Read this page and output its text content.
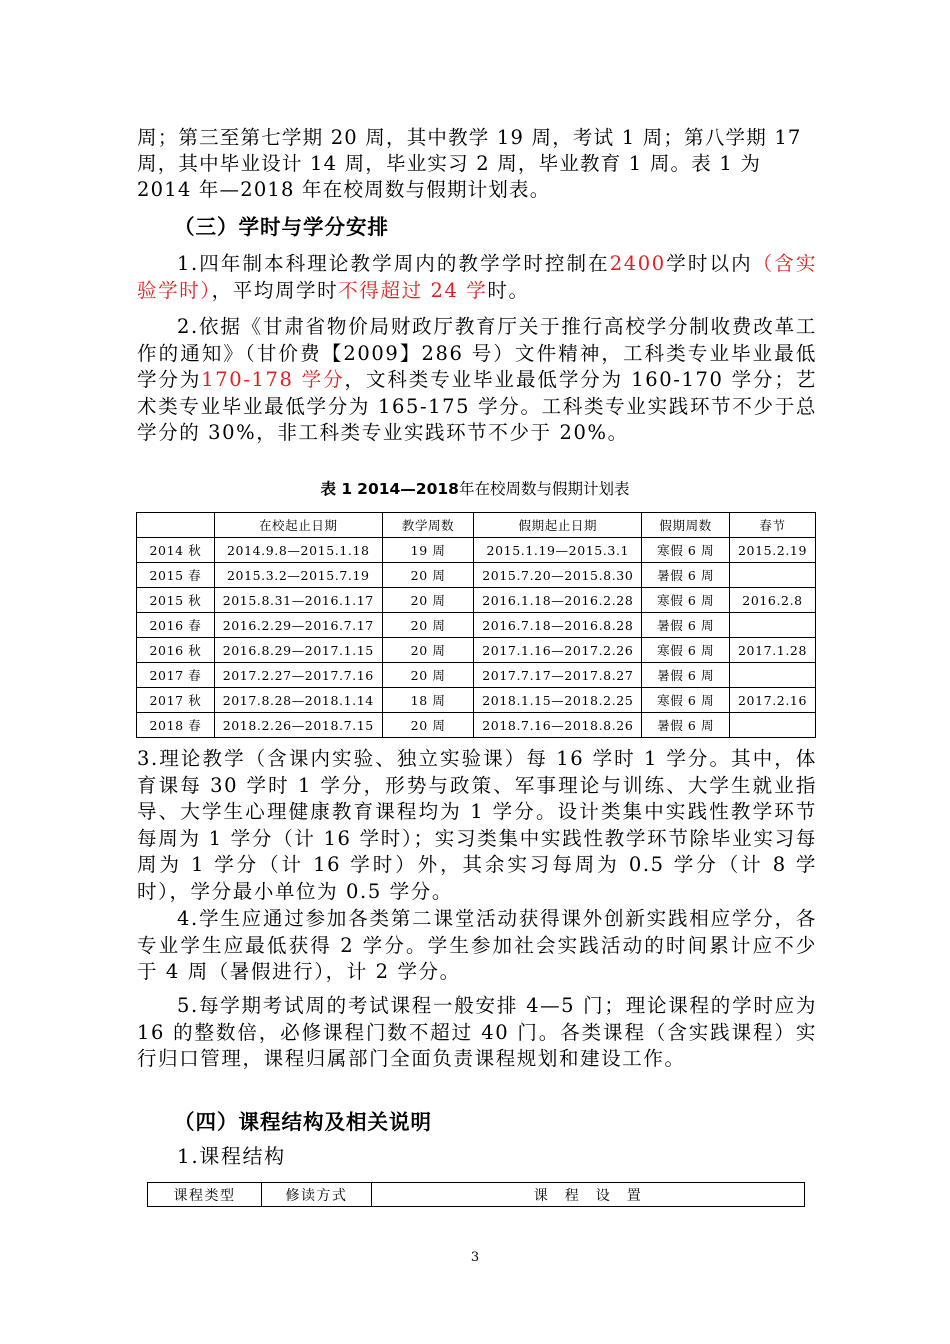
周；第三至第七学期 20 周，其中教学 19 周，考试 1 周；第八学期 17

周，其中毕业设计 14 周，毕业实习 2 周，毕业教育 1 周。表 1 为

2014 年—2018 年在校周数与假期计划表。

（三）学时与学分安排

1.四年制本科理论教学周内的教学学时控制在2400学时以内（含实验学时），平均周学时不得超过 24 学时。

2.依据《甘肃省物价局财政厅教育厅关于推行高校学分制收费改革工作的通知》（甘价费【2009】286 号）文件精神，工科类专业毕业最低学分为170-178 学分，文科类专业毕业最低学分为 160-170 学分；艺术类专业毕业最低学分为 165-175 学分。工科类专业实践环节不少于总学分的 30%，非工科类专业实践环节不少于 20%。

表 1 2014—2018年在校周数与假期计划表

	在校起止日期	教学周数	假期起止日期	假期周数	春节
2014 秋	2014.9.8—2015.1.18	19 周	2015.1.19—2015.3.1	寒假 6 周	2015.2.19
2015 春	2015.3.2—2015.7.19	20 周	2015.7.20—2015.8.30	暑假 6 周	
2015 秋	2015.8.31—2016.1.17	20 周	2016.1.18—2016.2.28	寒假 6 周	2016.2.8
2016 春	2016.2.29—2016.7.17	20 周	2016.7.18—2016.8.28	暑假 6 周	
2016 秋	2016.8.29—2017.1.15	20 周	2017.1.16—2017.2.26	寒假 6 周	2017.1.28
2017 春	2017.2.27—2017.7.16	20 周	2017.7.17—2017.8.27	暑假 6 周	
2017 秋	2017.8.28—2018.1.14	18 周	2018.1.15—2018.2.25	寒假 6 周	2017.2.16
2018 春	2018.2.26—2018.7.15	20 周	2018.7.16—2018.8.26	暑假 6 周	

3.理论教学（含课内实验、独立实验课）每 16 学时 1 学分。其中，体育课每 30 学时 1 学分，形势与政策、军事理论与训练、大学生就业指导、大学生心理健康教育课程均为 1 学分。设计类集中实践性教学环节每周为 1 学分（计 16 学时）；实习类集中实践性教学环节除毕业实习每周为 1 学分（计 16 学时）外，其余实习每周为 0.5 学分（计 8 学时），学分最小单位为 0.5 学分。

4.学生应通过参加各类第二课堂活动获得课外创新实践相应学分，各专业学生应最低获得 2 学分。学生参加社会实践活动的时间累计应不少于 4 周（暑假进行），计 2 学分。

5.每学期考试周的考试课程一般安排 4—5 门；理论课程的学时应为 16 的整数倍，必修课程门数不超过 40 门。各类课程（含实践课程）实行归口管理，课程归属部门全面负责课程规划和建设工作。

（四）课程结构及相关说明

1.课程结构

课程类型	修读方式	课　程　设　置
3
